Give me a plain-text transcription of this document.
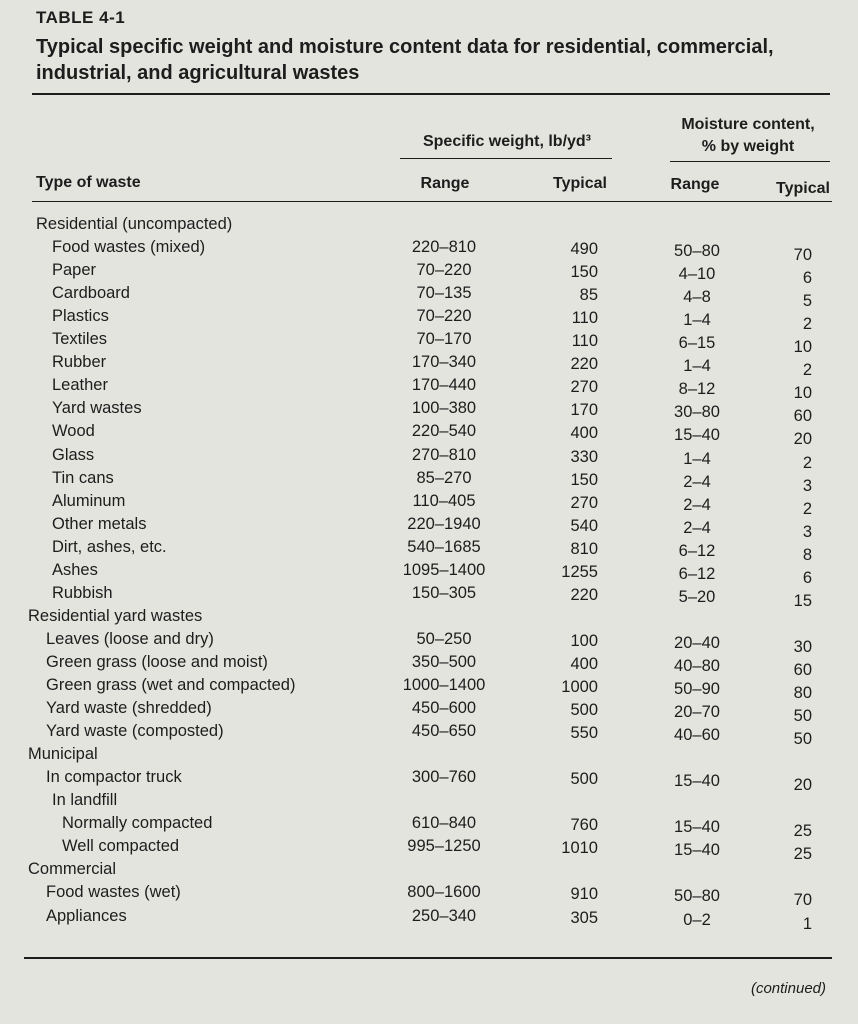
TABLE 4-1
Typical specific weight and moisture content data for residential, commercial, industrial, and agricultural wastes
Specific weight, lb/yd³
Moisture content,
% by weight
Type of waste	Range	Typical	Range	Typical
Residential (uncompacted)
Food wastes (mixed)	220–810	490	50–80	70
Paper	70–220	150	4–10	6
Cardboard	70–135	85	4–8	5
Plastics	70–220	110	1–4	2
Textiles	70–170	110	6–15	10
Rubber	170–340	220	1–4	2
Leather	170–440	270	8–12	10
Yard wastes	100–380	170	30–80	60
Wood	220–540	400	15–40	20
Glass	270–810	330	1–4	2
Tin cans	85–270	150	2–4	3
Aluminum	110–405	270	2–4	2
Other metals	220–1940	540	2–4	3
Dirt, ashes, etc.	540–1685	810	6–12	8
Ashes	1095–1400	1255	6–12	6
Rubbish	150–305	220	5–20	15
Residential yard wastes
Leaves (loose and dry)	50–250	100	20–40	30
Green grass (loose and moist)	350–500	400	40–80	60
Green grass (wet and compacted)	1000–1400	1000	50–90	80
Yard waste (shredded)	450–600	500	20–70	50
Yard waste (composted)	450–650	550	40–60	50
Municipal
In compactor truck	300–760	500	15–40	20
In landfill
Normally compacted	610–840	760	15–40	25
Well compacted	995–1250	1010	15–40	25
Commercial
Food wastes (wet)	800–1600	910	50–80	70
Appliances	250–340	305	0–2	1
(continued)
